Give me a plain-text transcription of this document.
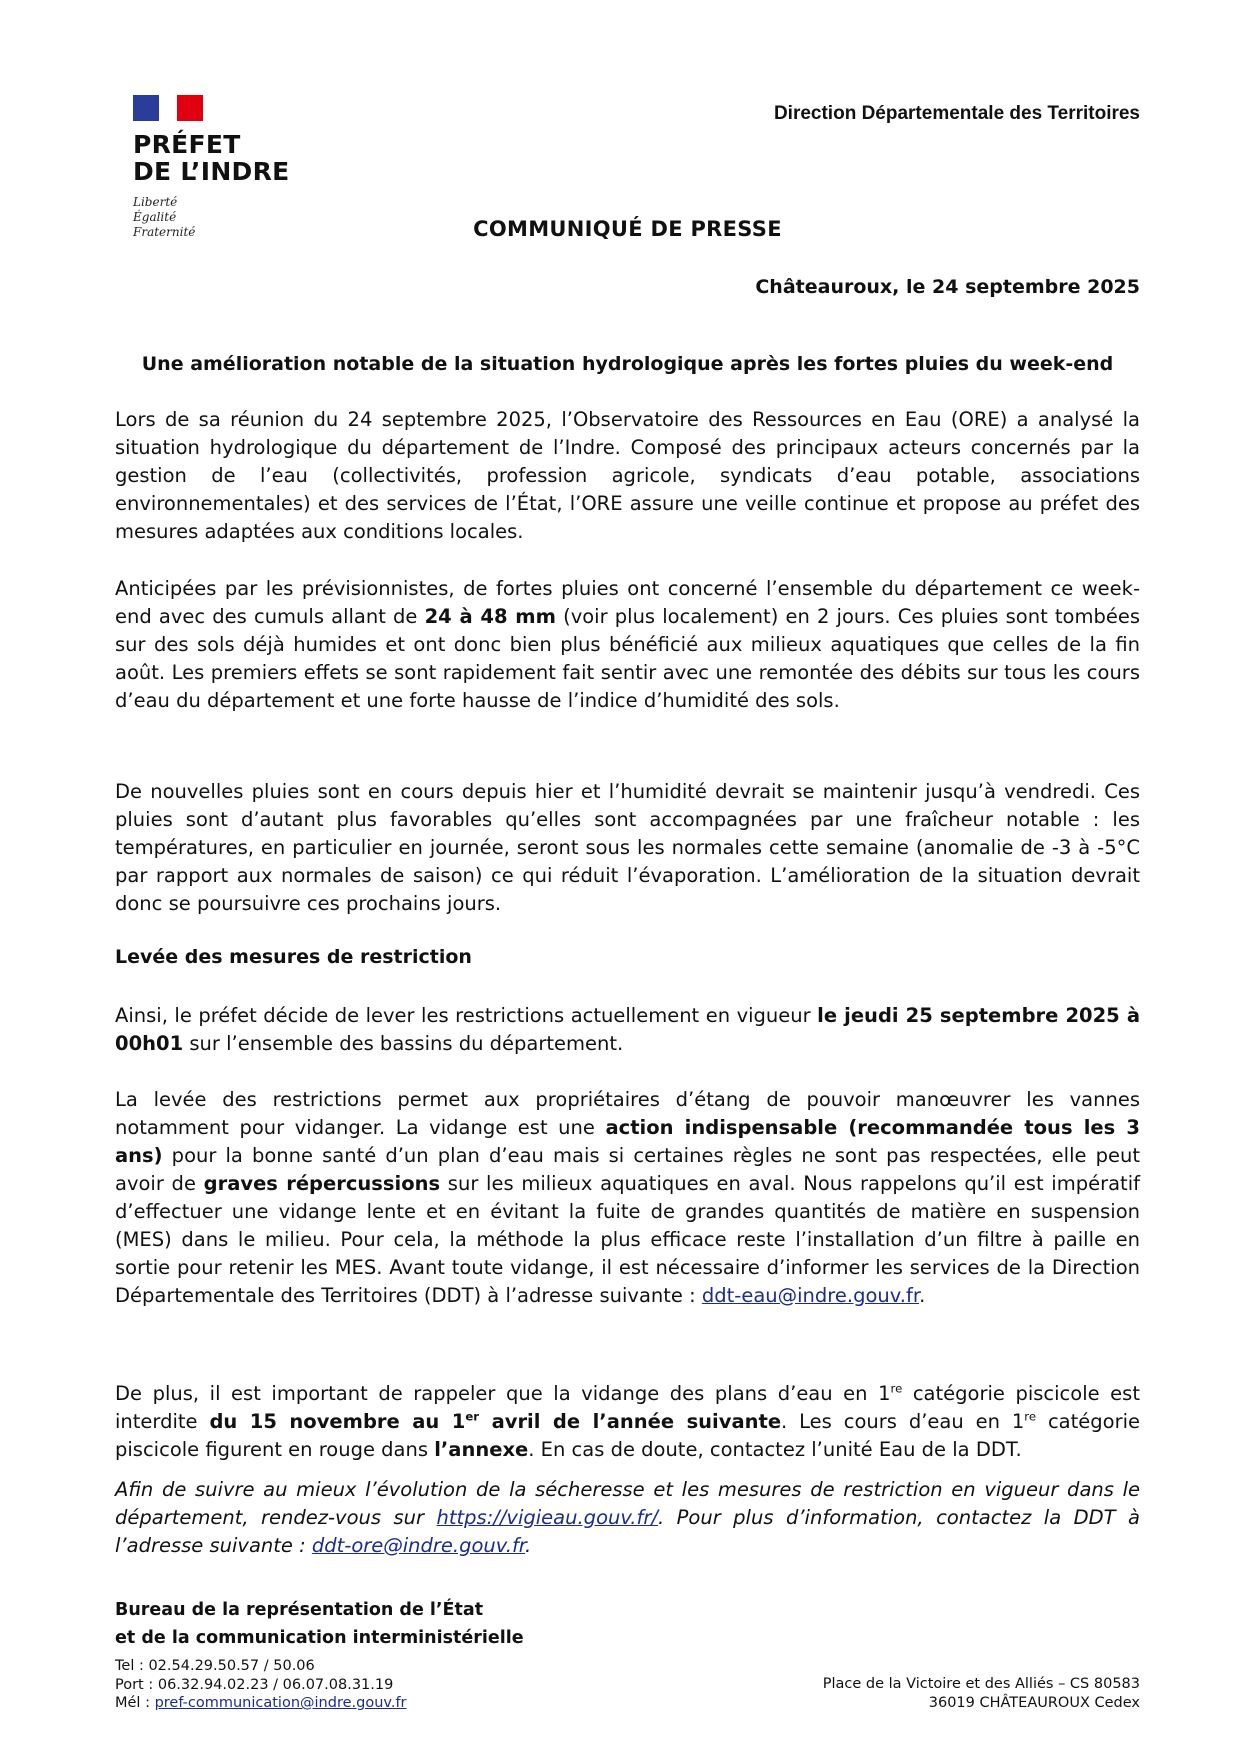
PRÉFET
DE L’INDRE
Liberté
Égalité
Fraternité
Direction Départementale des Territoires
COMMUNIQUÉ DE PRESSE
Châteauroux, le 24 septembre 2025
Une amélioration notable de la situation hydrologique après les fortes pluies du week-end
Lors de sa réunion du 24 septembre 2025, l’Observatoire des Ressources en Eau (ORE) a analysé la situation hydrologique du département de l’Indre. Composé des principaux acteurs concernés par la gestion de l’eau (collectivités, profession agricole, syndicats d’eau potable, associations environnementales) et des services de l’État, l’ORE assure une veille continue et propose au préfet des mesures adaptées aux conditions locales.
Anticipées par les prévisionnistes, de fortes pluies ont concerné l’ensemble du département ce week-end avec des cumuls allant de 24 à 48 mm (voir plus localement) en 2 jours. Ces pluies sont tombées sur des sols déjà humides et ont donc bien plus bénéficié aux milieux aquatiques que celles de la fin août. Les premiers effets se sont rapidement fait sentir avec une remontée des débits sur tous les cours d’eau du département et une forte hausse de l’indice d’humidité des sols.
De nouvelles pluies sont en cours depuis hier et l’humidité devrait se maintenir jusqu’à vendredi. Ces pluies sont d’autant plus favorables qu’elles sont accompagnées par une fraîcheur notable : les températures, en particulier en journée, seront sous les normales cette semaine (anomalie de -3 à -5°C par rapport aux normales de saison) ce qui réduit l’évaporation. L’amélioration de la situation devrait donc se poursuivre ces prochains jours.
Levée des mesures de restriction
Ainsi, le préfet décide de lever les restrictions actuellement en vigueur le jeudi 25 septembre 2025 à 00h01 sur l’ensemble des bassins du département.
La levée des restrictions permet aux propriétaires d’étang de pouvoir manœuvrer les vannes notamment pour vidanger. La vidange est une action indispensable (recommandée tous les 3 ans) pour la bonne santé d’un plan d’eau mais si certaines règles ne sont pas respectées, elle peut avoir de graves répercussions sur les milieux aquatiques en aval. Nous rappelons qu’il est impératif d’effectuer une vidange lente et en évitant la fuite de grandes quantités de matière en suspension (MES) dans le milieu. Pour cela, la méthode la plus efficace reste l’installation d’un filtre à paille en sortie pour retenir les MES. Avant toute vidange, il est nécessaire d’informer les services de la Direction Départementale des Territoires (DDT) à l’adresse suivante : ddt-eau@indre.gouv.fr.
De plus, il est important de rappeler que la vidange des plans d’eau en 1re catégorie piscicole est interdite du 15 novembre au 1er avril de l’année suivante. Les cours d’eau en 1re catégorie piscicole figurent en rouge dans l’annexe. En cas de doute, contactez l’unité Eau de la DDT.
Afin de suivre au mieux l’évolution de la sécheresse et les mesures de restriction en vigueur dans le département, rendez-vous sur https://vigieau.gouv.fr/. Pour plus d’information, contactez la DDT à l’adresse suivante : ddt-ore@indre.gouv.fr.
Bureau de la représentation de l’État
et de la communication interministérielle
Tel : 02.54.29.50.57 / 50.06
Port : 06.32.94.02.23 / 06.07.08.31.19
Mél : pref-communication@indre.gouv.fr
Place de la Victoire et des Alliés – CS 80583
36019 CHÂTEAUROUX Cedex
